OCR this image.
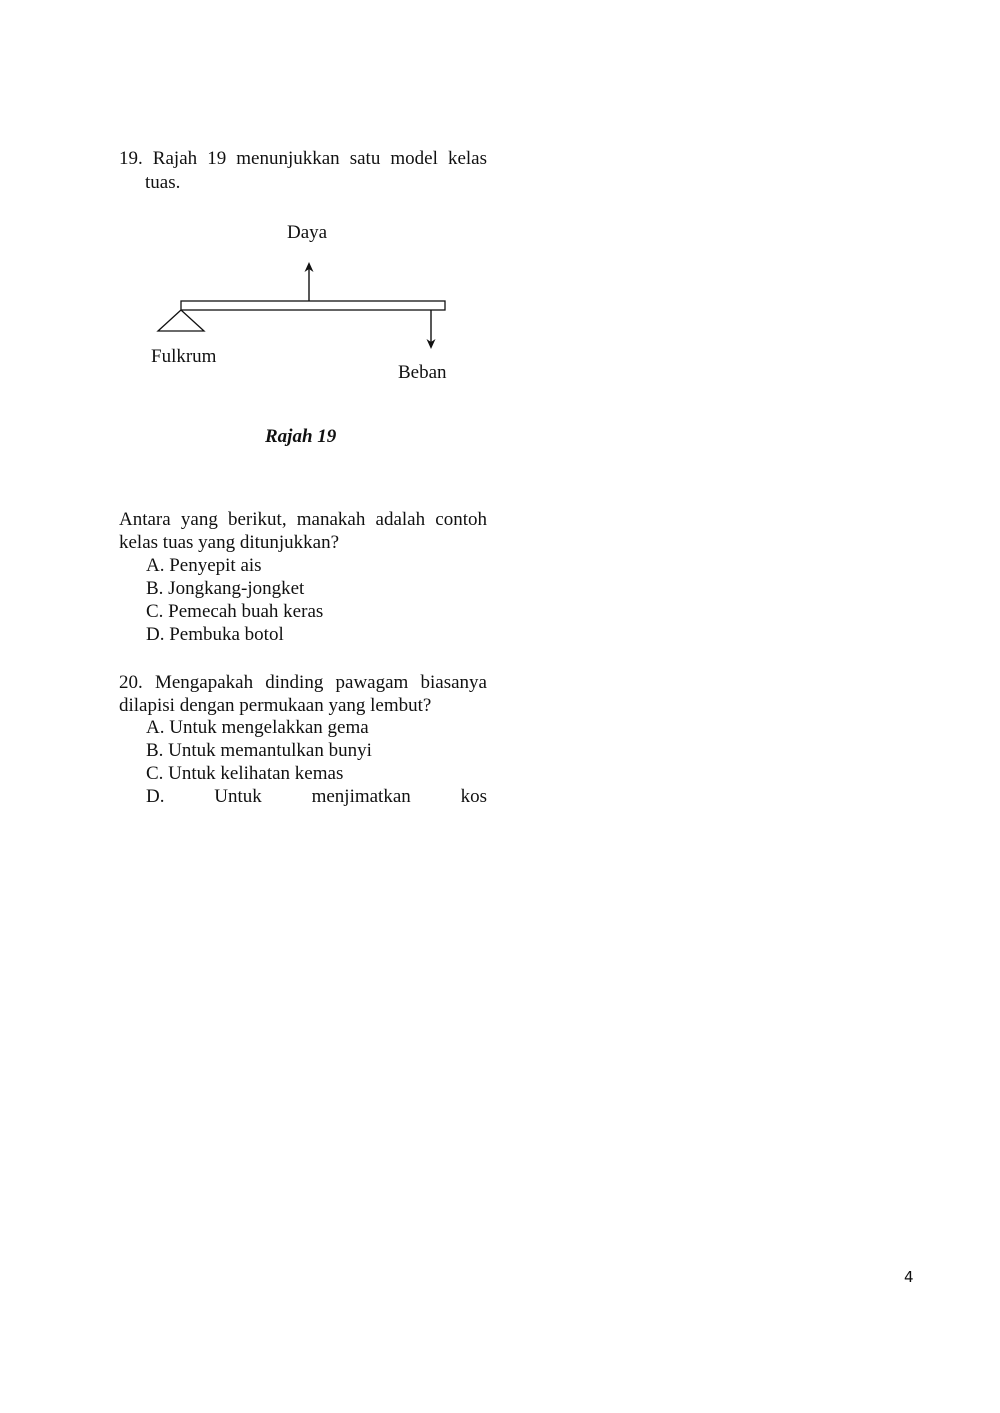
19. Rajah 19 menunjukkan satu model kelas
tuas.
Daya
Fulkrum
Beban
Rajah 19
Antara yang berikut, manakah adalah contoh
kelas tuas yang ditunjukkan?
A. Penyepit ais
B. Jongkang-jongket
C. Pemecah buah keras
D. Pembuka botol
20. Mengapakah dinding pawagam biasanya
dilapisi dengan permukaan yang lembut?
A. Untuk mengelakkan gema
B. Untuk memantulkan bunyi
C. Untuk kelihatan kemas
D.	Untuk	menjimatkan	kos
4
